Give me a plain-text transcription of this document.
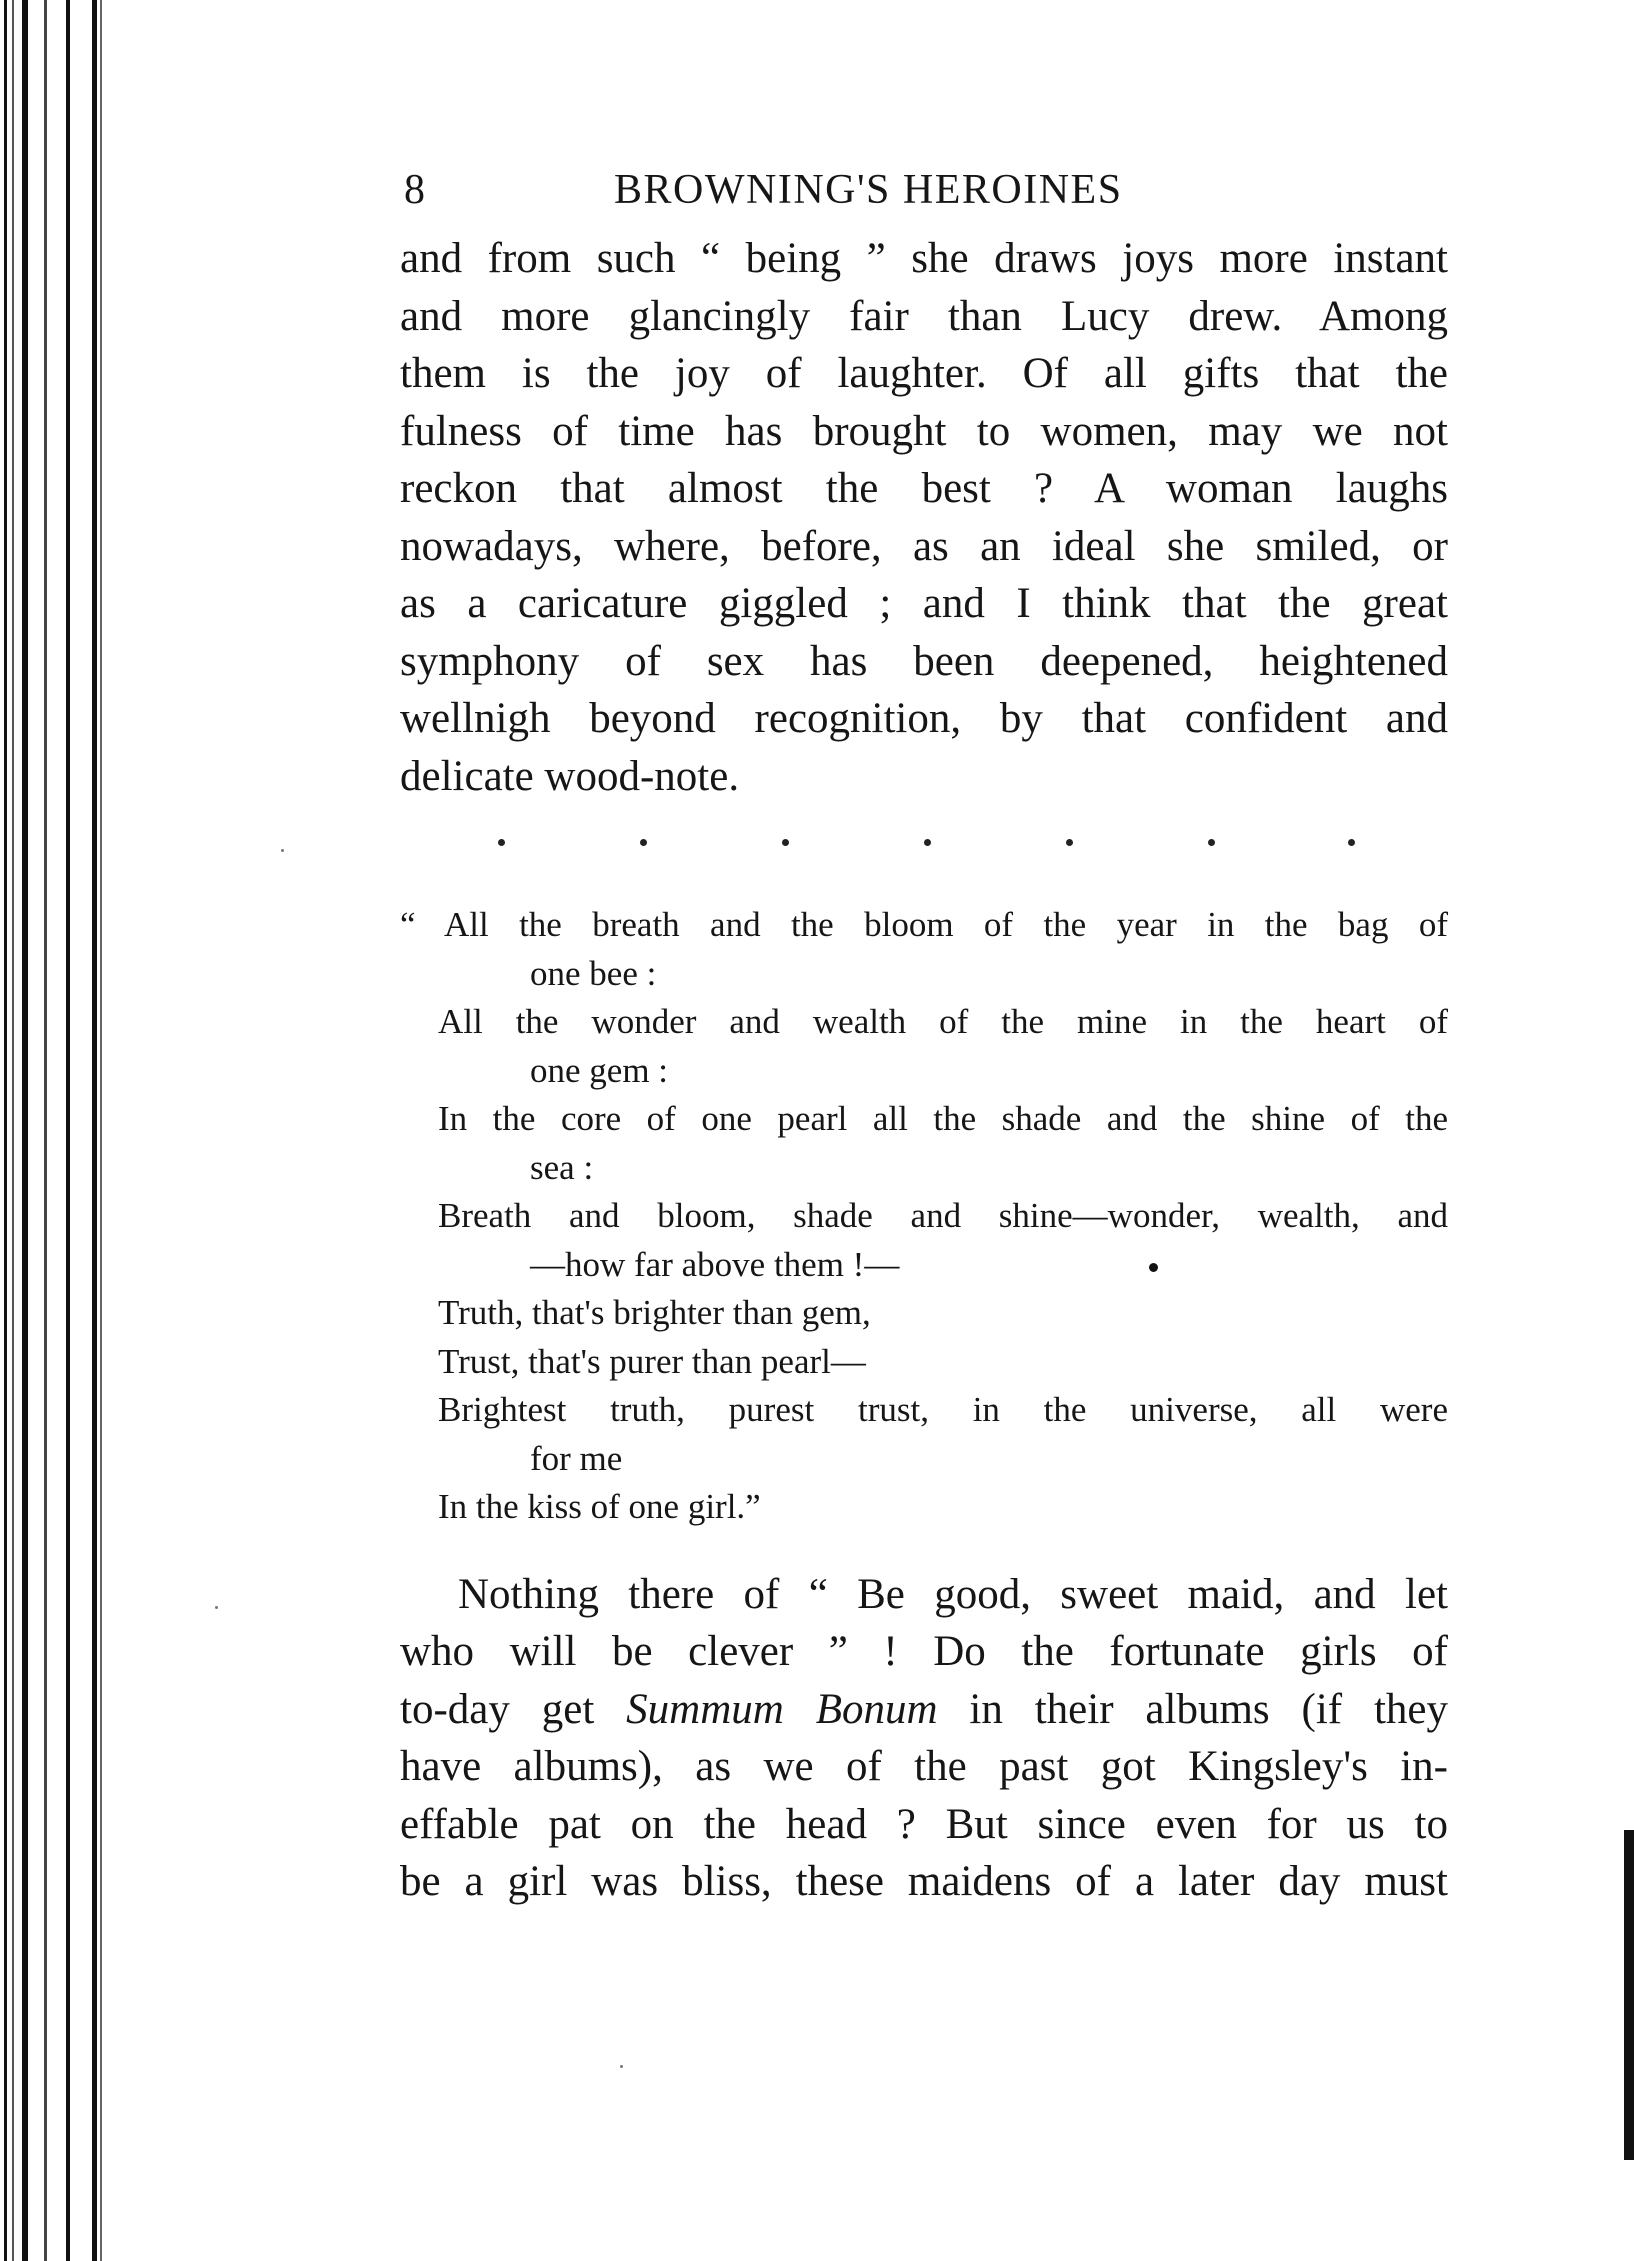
8	BROWNING'S HEROINES

and from such “ being ” she draws joys more instant
and more glancingly fair than Lucy drew. Among
them is the joy of laughter. Of all gifts that the
fulness of time has brought to women, may we not
reckon that almost the best ? A woman laughs
nowadays, where, before, as an ideal she smiled, or
as a caricature giggled ; and I think that the great
symphony of sex has been deepened, heightened
wellnigh beyond recognition, by that confident and
delicate wood-note.

“ All the breath and the bloom of the year in the bag of
one bee :
All the wonder and wealth of the mine in the heart of
one gem :
In the core of one pearl all the shade and the shine of the
sea :
Breath and bloom, shade and shine—wonder, wealth, and
—how far above them !—
Truth, that's brighter than gem,
Trust, that's purer than pearl—
Brightest truth, purest trust, in the universe, all were
for me
In the kiss of one girl.”

Nothing there of “ Be good, sweet maid, and let
who will be clever ” ! Do the fortunate girls of
to-day get Summum Bonum in their albums (if they
have albums), as we of the past got Kingsley's in-
effable pat on the head ? But since even for us to
be a girl was bliss, these maidens of a later day must
